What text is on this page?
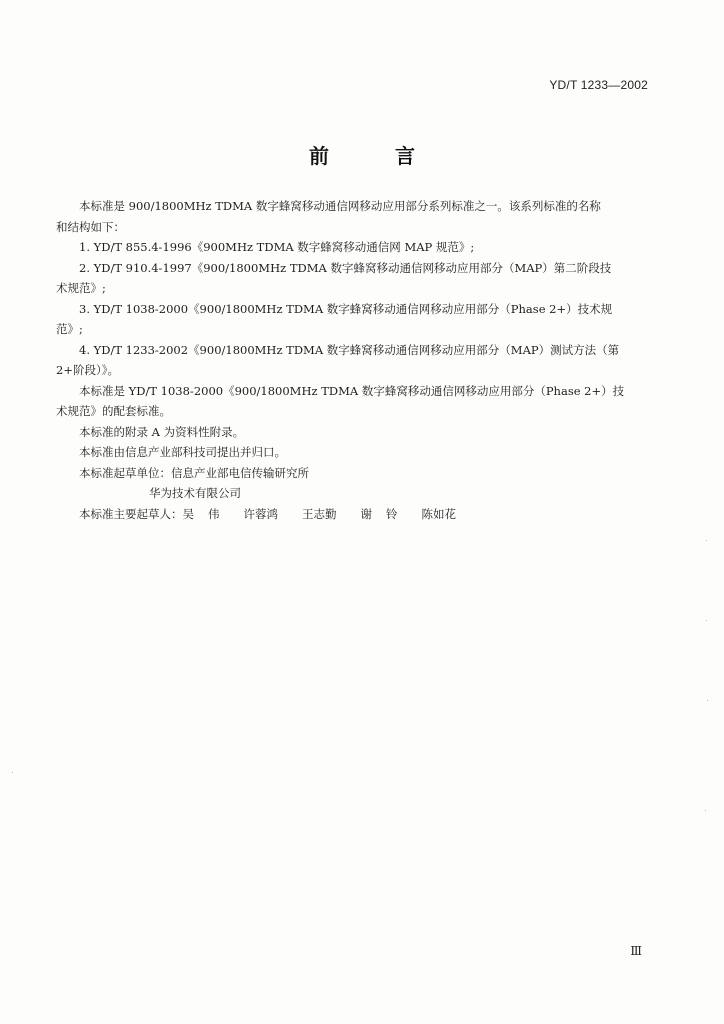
YD/T 1233—2002
前	言
本标准是 900/1800MHz TDMA 数字蜂窝移动通信网移动应用部分系列标准之一。该系列标准的名称
和结构如下：
1. YD/T 855.4-1996《900MHz TDMA 数字蜂窝移动通信网 MAP 规范》;
2. YD/T 910.4-1997《900/1800MHz TDMA 数字蜂窝移动通信网移动应用部分（MAP）第二阶段技
术规范》;
3. YD/T 1038-2000《900/1800MHz TDMA 数字蜂窝移动通信网移动应用部分（Phase 2+）技术规
范》;
4. YD/T 1233-2002《900/1800MHz TDMA 数字蜂窝移动通信网移动应用部分（MAP）测试方法（第
2+阶段）》。
本标准是 YD/T 1038-2000《900/1800MHz TDMA 数字蜂窝移动通信网移动应用部分（Phase 2+）技
术规范》的配套标准。
本标准的附录 A 为资料性附录。
本标准由信息产业部科技司提出并归口。
本标准起草单位：信息产业部电信传输研究所
华为技术有限公司
本标准主要起草人：吴伟 许蓉鸿 王志勤 谢铃 陈如花
Ⅲ
